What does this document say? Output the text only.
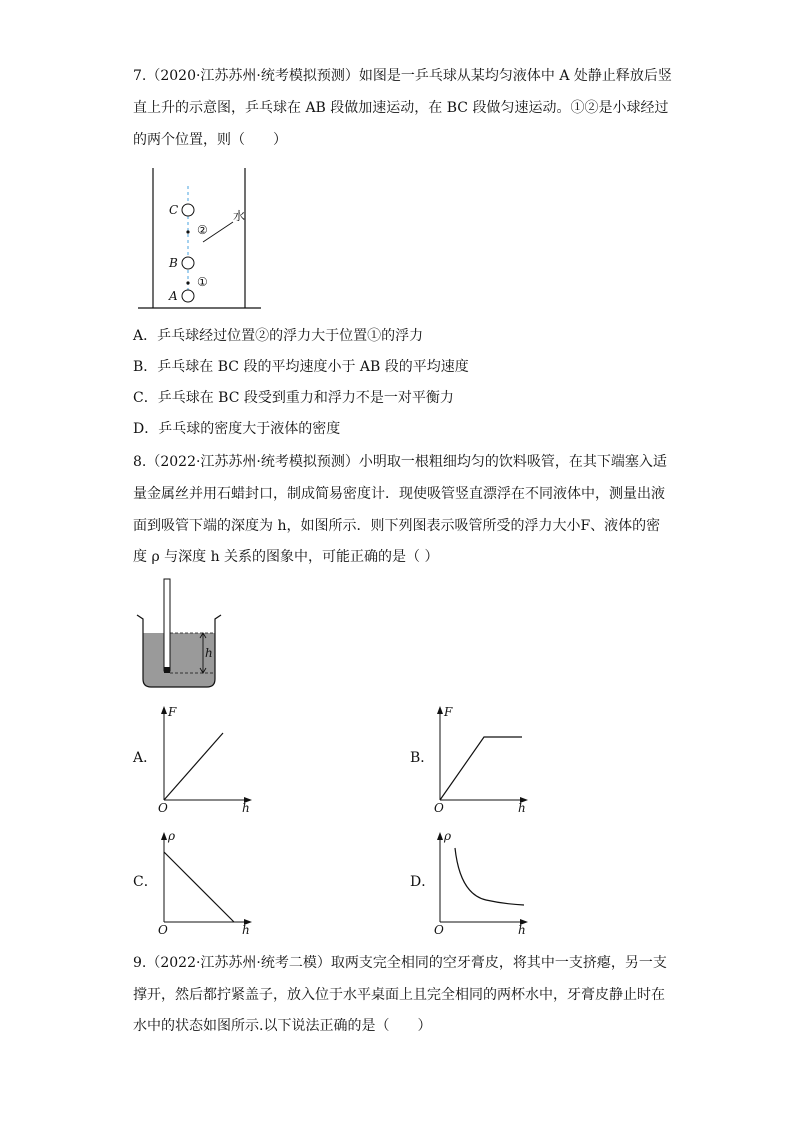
7.（2020·江苏苏州·统考模拟预测）如图是一乒乓球从某均匀液体中 A 处静止释放后竖
直上升的示意图，乒乓球在 AB 段做加速运动，在 BC 段做匀速运动。①②是小球经过
的两个位置，则（　　）
C
B
A
②
①
水
A．乒乓球经过位置②的浮力大于位置①的浮力
B．乒乓球在 BC 段的平均速度小于 AB 段的平均速度
C．乒乓球在 BC 段受到重力和浮力不是一对平衡力
D．乒乓球的密度大于液体的密度
8.（2022·江苏苏州·统考模拟预测）小明取一根粗细均匀的饮料吸管，在其下端塞入适
量金属丝并用石蜡封口，制成简易密度计．现使吸管竖直漂浮在不同液体中，测量出液
面到吸管下端的深度为 h，如图所示．则下列图表示吸管所受的浮力大小F、液体的密
度 ρ 与深度 h 关系的图象中，可能正确的是（ ）
h
A．
F
h
O
B．
F
h
O
C．
ρ
h
O
D．
ρ
h
O
9.（2022·江苏苏州·统考二模）取两支完全相同的空牙膏皮，将其中一支挤瘪，另一支
撑开，然后都拧紧盖子，放入位于水平桌面上且完全相同的两杯水中，牙膏皮静止时在
水中的状态如图所示.以下说法正确的是（　　）
